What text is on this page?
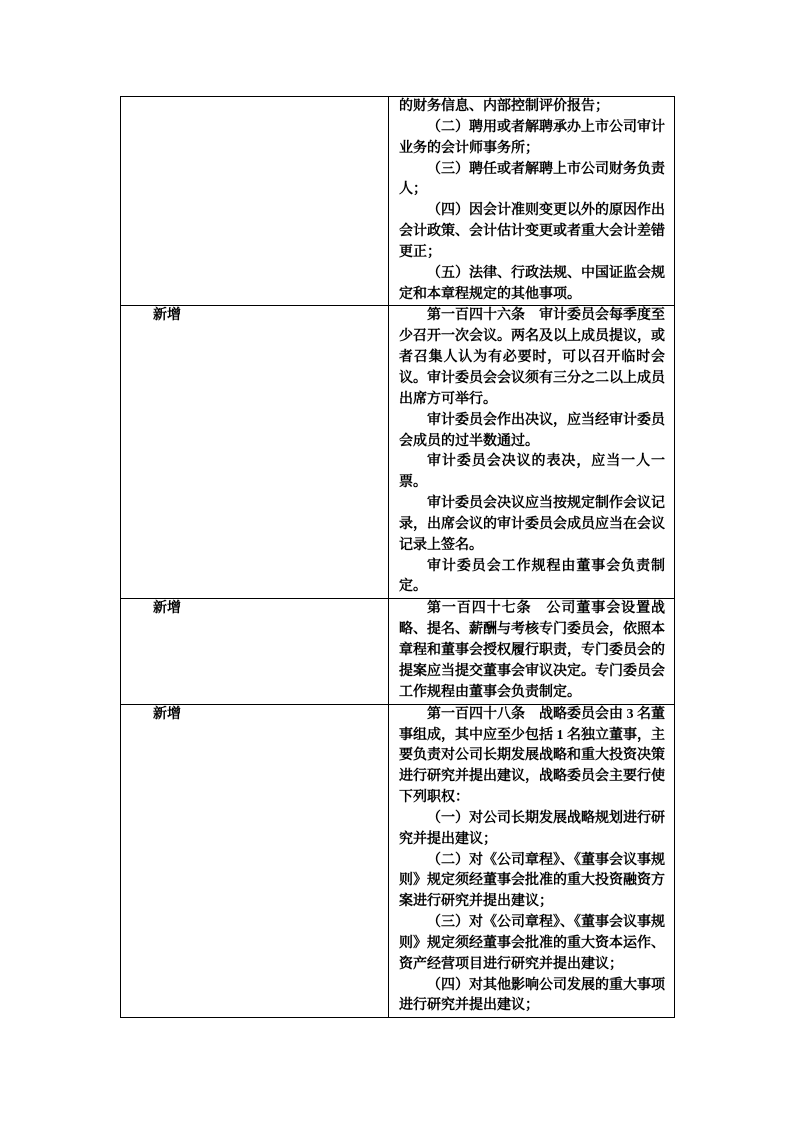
	的财务信息、内部控制评价报告；

（二）聘用或者解聘承办上市公司审计业务的会计师事务所；

（三）聘任或者解聘上市公司财务负责人；

（四）因会计准则变更以外的原因作出会计政策、会计估计变更或者重大会计差错更正；

（五）法律、行政法规、中国证监会规定和本章程规定的其他事项。

新增	第一百四十六条　审计委员会每季度至少召开一次会议。两名及以上成员提议，或者召集人认为有必要时，可以召开临时会议。审计委员会会议须有三分之二以上成员出席方可举行。

审计委员会作出决议，应当经审计委员会成员的过半数通过。

审计委员会决议的表决，应当一人一票。

审计委员会决议应当按规定制作会议记录，出席会议的审计委员会成员应当在会议记录上签名。

审计委员会工作规程由董事会负责制定。

新增	第一百四十七条　公司董事会设置战略、提名、薪酬与考核专门委员会，依照本章程和董事会授权履行职责，专门委员会的提案应当提交董事会审议决定。专门委员会工作规程由董事会负责制定。

新增	第一百四十八条　战略委员会由 3 名董事组成，其中应至少包括 1 名独立董事，主要负责对公司长期发展战略和重大投资决策进行研究并提出建议，战略委员会主要行使下列职权：

（一）对公司长期发展战略规划进行研究并提出建议；

（二）对《公司章程》、《董事会议事规则》规定须经董事会批准的重大投资融资方案进行研究并提出建议；

（三）对《公司章程》、《董事会议事规则》规定须经董事会批准的重大资本运作、资产经营项目进行研究并提出建议；

（四）对其他影响公司发展的重大事项进行研究并提出建议；
